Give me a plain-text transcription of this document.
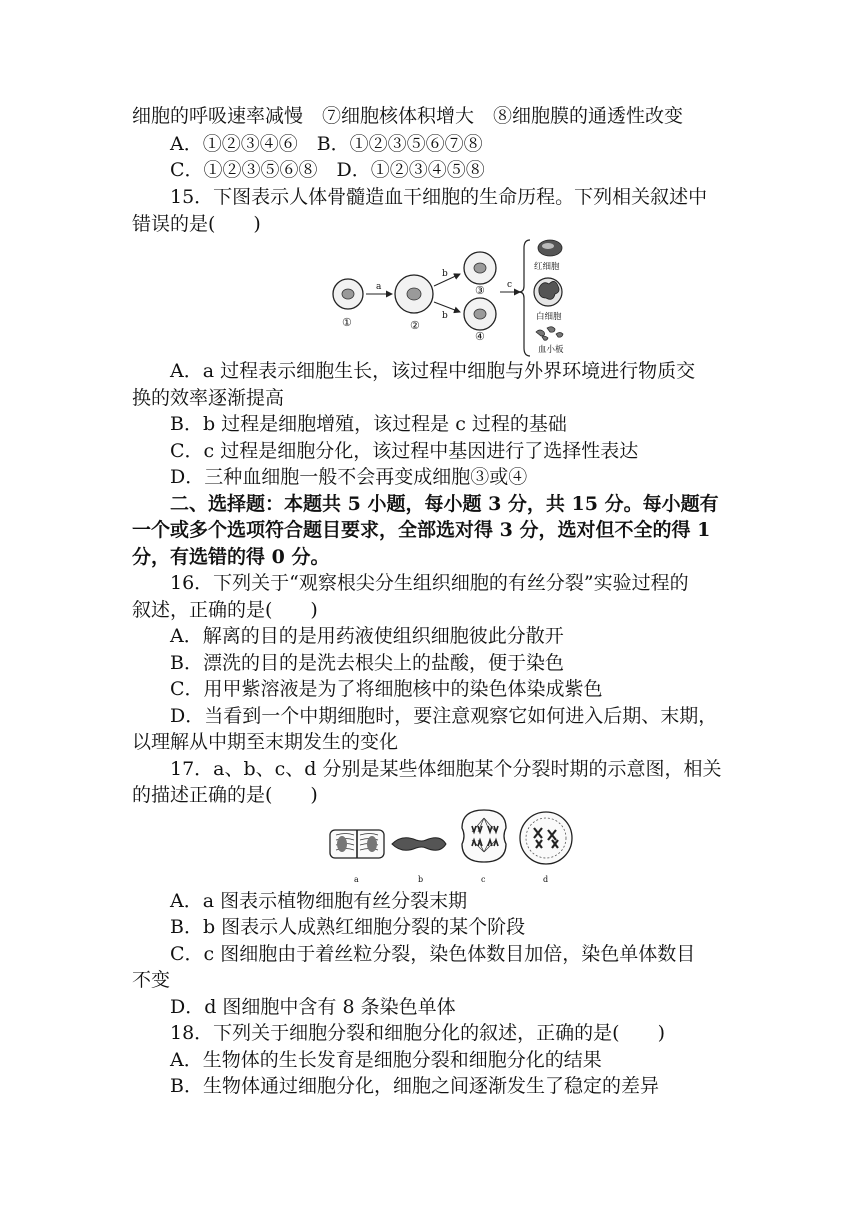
细胞的呼吸速率减慢　⑦细胞核体积增大　⑧细胞膜的通透性改变
A．①②③④⑥　B．①②③⑤⑥⑦⑧
C．①②③⑤⑥⑧　D．①②③④⑤⑧
15．下图表示人体骨髓造血干细胞的生命历程。下列相关叙述中
错误的是(　　)
①
a
②
b
b
③
④
c
红细胞
白细胞
血小板
A．a 过程表示细胞生长，该过程中细胞与外界环境进行物质交
换的效率逐渐提高
B．b 过程是细胞增殖，该过程是 c 过程的基础
C．c 过程是细胞分化，该过程中基因进行了选择性表达
D．三种血细胞一般不会再变成细胞③或④
二、选择题：本题共 5 小题，每小题 3 分，共 15 分。每小题有
一个或多个选项符合题目要求，全部选对得 3 分，选对但不全的得 1
分，有选错的得 0 分。
16．下列关于“观察根尖分生组织细胞的有丝分裂”实验过程的
叙述，正确的是(　　)
A．解离的目的是用药液使组织细胞彼此分散开
B．漂洗的目的是洗去根尖上的盐酸，便于染色
C．用甲紫溶液是为了将细胞核中的染色体染成紫色
D．当看到一个中期细胞时，要注意观察它如何进入后期、末期，
以理解从中期至末期发生的变化
17．a、b、c、d 分别是某些体细胞某个分裂时期的示意图，相关
的描述正确的是(　　)
a	b	c	d
A．a 图表示植物细胞有丝分裂末期
B．b 图表示人成熟红细胞分裂的某个阶段
C．c 图细胞由于着丝粒分裂，染色体数目加倍，染色单体数目
不变
D．d 图细胞中含有 8 条染色单体
18．下列关于细胞分裂和细胞分化的叙述，正确的是(　　)
A．生物体的生长发育是细胞分裂和细胞分化的结果
B．生物体通过细胞分化，细胞之间逐渐发生了稳定的差异
